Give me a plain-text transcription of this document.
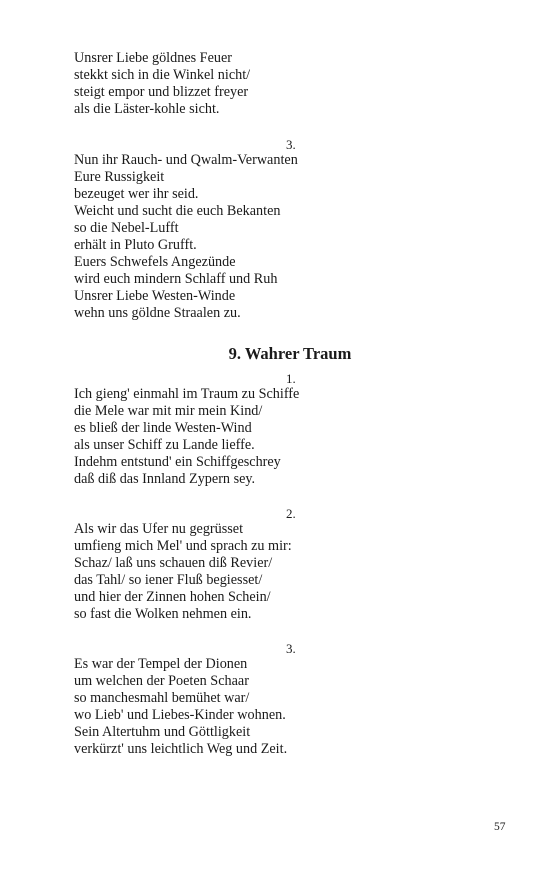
Unsrer Liebe göldnes Feuer
stekkt sich in die Winkel nicht/
steigt empor und blizzet freyer
als die Läster-kohle sicht.
3.
Nun ihr Rauch- und Qwalm-Verwanten
Eure Russigkeit
bezeuget wer ihr seid.
Weicht und sucht die euch Bekanten
so die Nebel-Lufft
erhält in Pluto Grufft.
Euers Schwefels Angezünde
wird euch mindern Schlaff und Ruh
Unsrer Liebe Westen-Winde
wehn uns göldne Straalen zu.
9. Wahrer Traum
1.
Ich gieng' einmahl im Traum zu Schiffe
die Mele war mit mir mein Kind/
es bließ der linde Westen-Wind
als unser Schiff zu Lande lieffe.
Indehm entstund' ein Schiffgeschrey
daß diß das Innland Zypern sey.
2.
Als wir das Ufer nu gegrüsset
umfieng mich Mel' und sprach zu mir:
Schaz/ laß uns schauen diß Revier/
das Tahl/ so iener Fluß begiesset/
und hier der Zinnen hohen Schein/
so fast die Wolken nehmen ein.
3.
Es war der Tempel der Dionen
um welchen der Poeten Schaar
so manchesmahl bemühet war/
wo Lieb' und Liebes-Kinder wohnen.
Sein Altertuhm und Göttligkeit
verkürzt' uns leichtlich Weg und Zeit.
57
